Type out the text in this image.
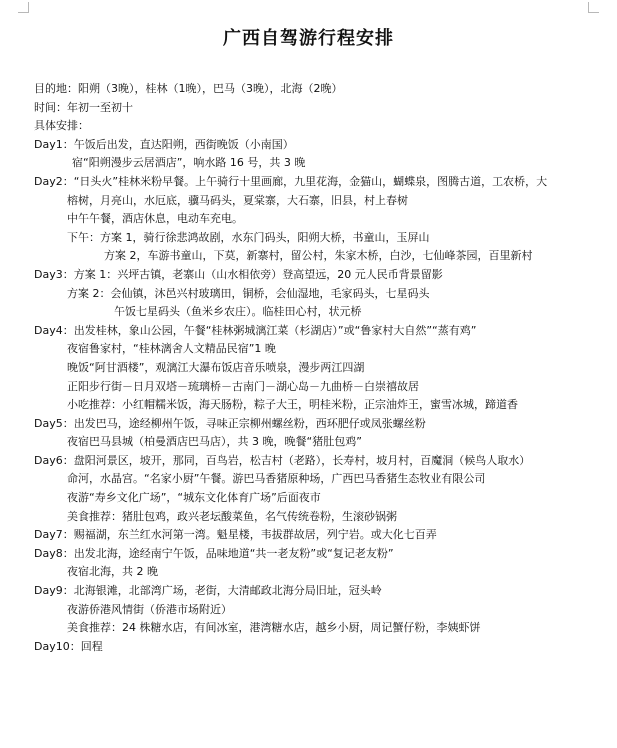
广西自驾游行程安排
目的地：阳朔（3晚），桂林（1晚），巴马（3晚），北海（2晚）
时间：年初一至初十
具体安排：
Day1：午饭后出发，直达阳朔，西街晚饭（小南国）
宿“阳朔漫步云居酒店”，响水路 16 号，共 3 晚
Day2：“日头火”桂林米粉早餐。上午骑行十里画廊，九里花海，金猫山，蝴蝶泉，图腾古道，工农桥，大
榕树，月亮山，水厄底，骥马码头，夏棠寨，大石寨，旧县，村上春树
中午午餐，酒店休息，电动车充电。
下午：方案 1，骑行徐悲鸿故剧，水东门码头，阳朔大桥，书童山，玉屏山
方案 2，车游书童山，下莫，新寨村，留公村，朱家木桥，白沙，七仙峰茶园，百里新村
Day3：方案 1：兴坪古镇，老寨山（山水相依旁）登高望远，20 元人民币背景留影
方案 2：会仙镇，沐邑兴村玻璃田，铜桥，会仙湿地，毛家码头，七星码头
午饭七星码头（鱼米乡农庄）。临桂田心村，状元桥
Day4：出发桂林，象山公园，午餐“桂林粥城漓江菜（杉湖店）”或“鲁家村大自然”“蒸有鸡”
夜宿鲁家村，“桂林漓舍人文精品民宿”1 晚
晚饭“阿甘酒楼”，观漓江大瀑布饭店音乐喷泉，漫步两江四湖
正阳步行街－日月双塔－琉璃桥－古南门－湖心岛－九曲桥－白崇禧故居
小吃推荐：小红帽糯米饭，海天肠粉，粽子大王，明桂米粉，正宗油炸王，蜜雪冰城，蹄道香
Day5：出发巴马，途经柳州午饭，寻味正宗柳州螺丝粉，西环肥仔或凤张螺丝粉
夜宿巴马县城（柏曼酒店巴马店），共 3 晚，晚餐“猪肚包鸡”
Day6：盘阳河景区，坡开，那同，百鸟岩，松吉村（老路），长寿村，坡月村，百魔洞（候鸟人取水）
命河，水晶宫。“名家小厨”午餐。游巴马香猪原种场，广西巴马香猪生态牧业有限公司
夜游“寿乡文化广场”，“城东文化体育广场”后面夜市
美食推荐：猪肚包鸡，政兴老坛酸菜鱼，名气传统卷粉，生滚砂锅粥
Day7：赐福湖，东兰红水河第一湾。魁星楼，韦拔群故居，列宁岩。或大化七百弄
Day8：出发北海，途经南宁午饭，品味地道“共一老友粉”或“复记老友粉”
夜宿北海，共 2 晚
Day9：北海银滩，北部湾广场，老街，大清邮政北海分局旧址，冠头岭
夜游侨港风情街（侨港市场附近）
美食推荐：24 株糖水店，有间冰室，港湾糖水店，越乡小厨，周记蟹仔粉，李姨虾饼
Day10：回程
